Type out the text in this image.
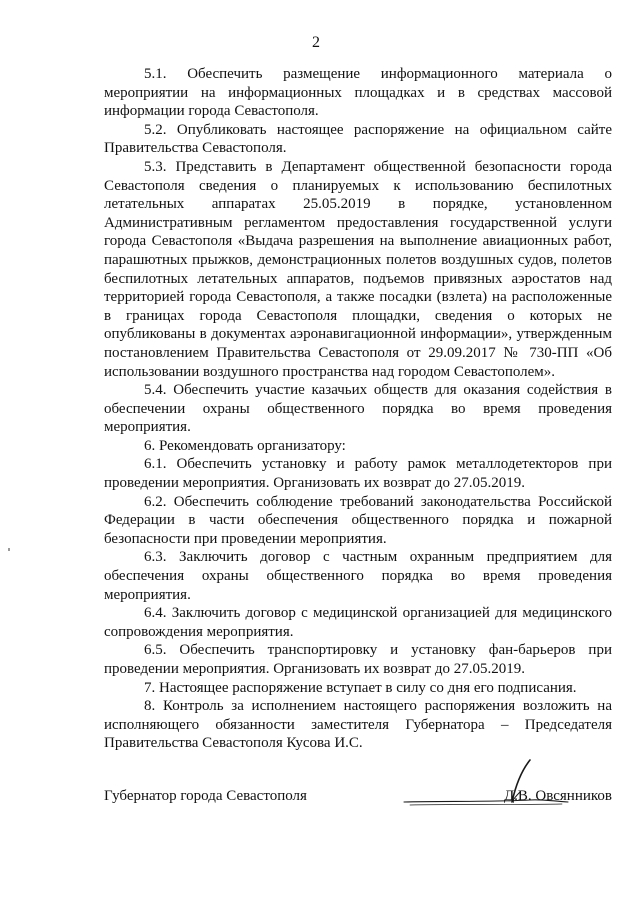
2

5.1. Обеспечить размещение информационного материала о мероприятии на информационных площадках и в средствах массовой информации города Севастополя.

5.2. Опубликовать настоящее распоряжение на официальном сайте Правительства Севастополя.

5.3. Представить в Департамент общественной безопасности города Севастополя сведения о планируемых к использованию беспилотных летательных аппаратах 25.05.2019 в порядке, установленном Административным регламентом предоставления государственной услуги города Севастополя «Выдача разрешения на выполнение авиационных работ, парашютных прыжков, демонстрационных полетов воздушных судов, полетов беспилотных летательных аппаратов, подъемов привязных аэростатов над территорией города Севастополя, а также посадки (взлета) на расположенные в границах города Севастополя площадки, сведения о которых не опубликованы в документах аэронавигационной информации», утвержденным постановлением Правительства Севастополя от 29.09.2017 № 730-ПП «Об использовании воздушного пространства над городом Севастополем».

5.4. Обеспечить участие казачьих обществ для оказания содействия в обеспечении охраны общественного порядка во время проведения мероприятия.

6. Рекомендовать организатору:

6.1. Обеспечить установку и работу рамок металлодетекторов при проведении мероприятия. Организовать их возврат до 27.05.2019.

6.2. Обеспечить соблюдение требований законодательства Российской Федерации в части обеспечения общественного порядка и пожарной безопасности при проведении мероприятия.

6.3. Заключить договор с частным охранным предприятием для обеспечения охраны общественного порядка во время проведения мероприятия.

6.4. Заключить договор с медицинской организацией для медицинского сопровождения мероприятия.

6.5. Обеспечить транспортировку и установку фан-барьеров при проведении мероприятия. Организовать их возврат до 27.05.2019.

7. Настоящее распоряжение вступает в силу со дня его подписания.

8. Контроль за исполнением настоящего распоряжения возложить на исполняющего обязанности заместителя Губернатора – Председателя Правительства Севастополя Кусова И.С.

Губернатор города Севастополя	Д.В. Овсянников
